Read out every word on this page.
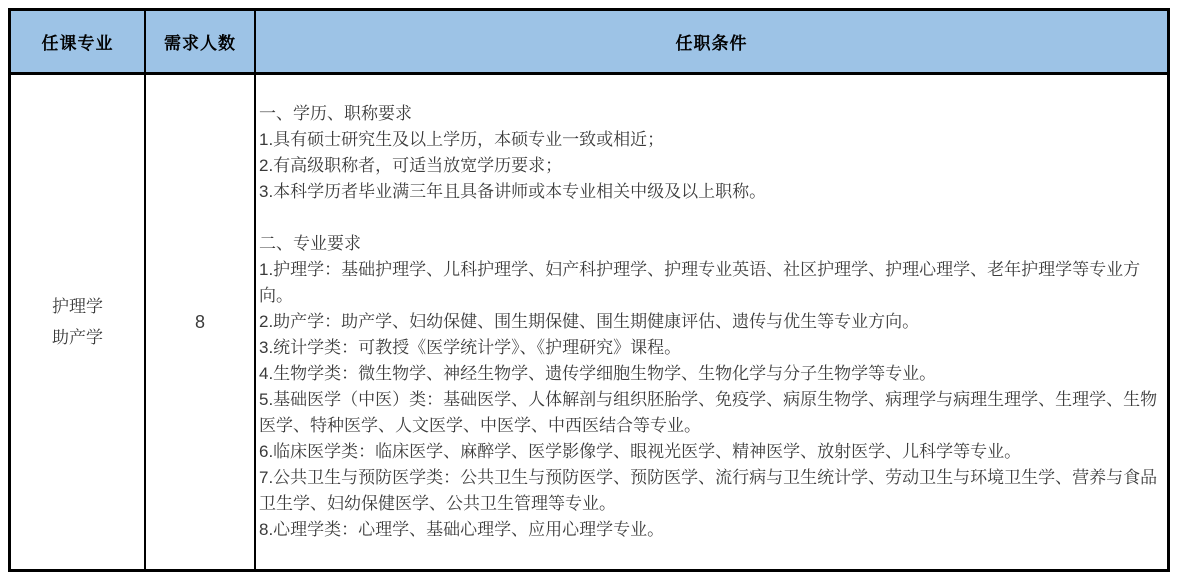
任课专业	需求人数	任职条件
护理学
助产学
8
一、学历、职称要求
1.具有硕士研究生及以上学历，本硕专业一致或相近；
2.有高级职称者，可适当放宽学历要求；
3.本科学历者毕业满三年且具备讲师或本专业相关中级及以上职称。
二、专业要求
1.护理学：基础护理学、儿科护理学、妇产科护理学、护理专业英语、社区护理学、护理心理学、老年护理学等专业方向。
2.助产学：助产学、妇幼保健、围生期保健、围生期健康评估、遗传与优生等专业方向。
3.统计学类：可教授《医学统计学》、《护理研究》课程。
4.生物学类：微生物学、神经生物学、遗传学细胞生物学、生物化学与分子生物学等专业。
5.基础医学（中医）类：基础医学、人体解剖与组织胚胎学、免疫学、病原生物学、病理学与病理生理学、生理学、生物医学、特种医学、人文医学、中医学、中西医结合等专业。
6.临床医学类：临床医学、麻醉学、医学影像学、眼视光医学、精神医学、放射医学、儿科学等专业。
7.公共卫生与预防医学类：公共卫生与预防医学、预防医学、流行病与卫生统计学、劳动卫生与环境卫生学、营养与食品卫生学、妇幼保健医学、公共卫生管理等专业。
8.心理学类：心理学、基础心理学、应用心理学专业。
